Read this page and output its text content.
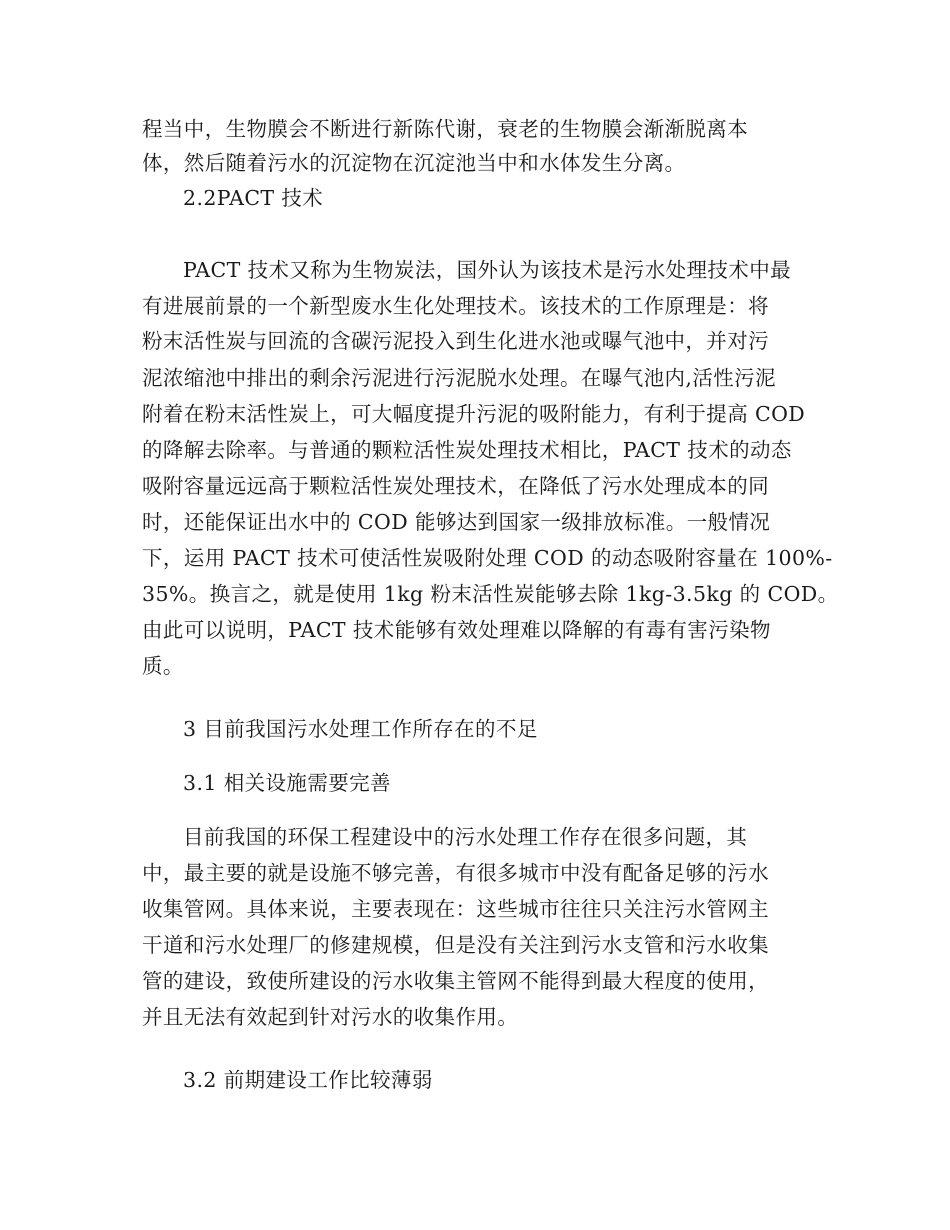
程当中，生物膜会不断进行新陈代谢，衰老的生物膜会渐渐脱离本
体，然后随着污水的沉淀物在沉淀池当中和水体发生分离。
2.2PACT 技术
PACT 技术又称为生物炭法，国外认为该技术是污水处理技术中最
有进展前景的一个新型废水生化处理技术。该技术的工作原理是：将
粉末活性炭与回流的含碳污泥投入到生化进水池或曝气池中，并对污
泥浓缩池中排出的剩余污泥进行污泥脱水处理。在曝气池内,活性污泥
附着在粉末活性炭上，可大幅度提升污泥的吸附能力，有利于提高 COD
的降解去除率。与普通的颗粒活性炭处理技术相比，PACT 技术的动态
吸附容量远远高于颗粒活性炭处理技术，在降低了污水处理成本的同
时，还能保证出水中的 COD 能够达到国家一级排放标准。一般情况
下，运用 PACT 技术可使活性炭吸附处理 COD 的动态吸附容量在 100%-
35%。换言之，就是使用 1kg 粉末活性炭能够去除 1kg-3.5kg 的 COD。
由此可以说明，PACT 技术能够有效处理难以降解的有毒有害污染物
质。
3 目前我国污水处理工作所存在的不足
3.1 相关设施需要完善
目前我国的环保工程建设中的污水处理工作存在很多问题，其
中，最主要的就是设施不够完善，有很多城市中没有配备足够的污水
收集管网。具体来说，主要表现在：这些城市往往只关注污水管网主
干道和污水处理厂的修建规模，但是没有关注到污水支管和污水收集
管的建设，致使所建设的污水收集主管网不能得到最大程度的使用，
并且无法有效起到针对污水的收集作用。
3.2 前期建设工作比较薄弱
